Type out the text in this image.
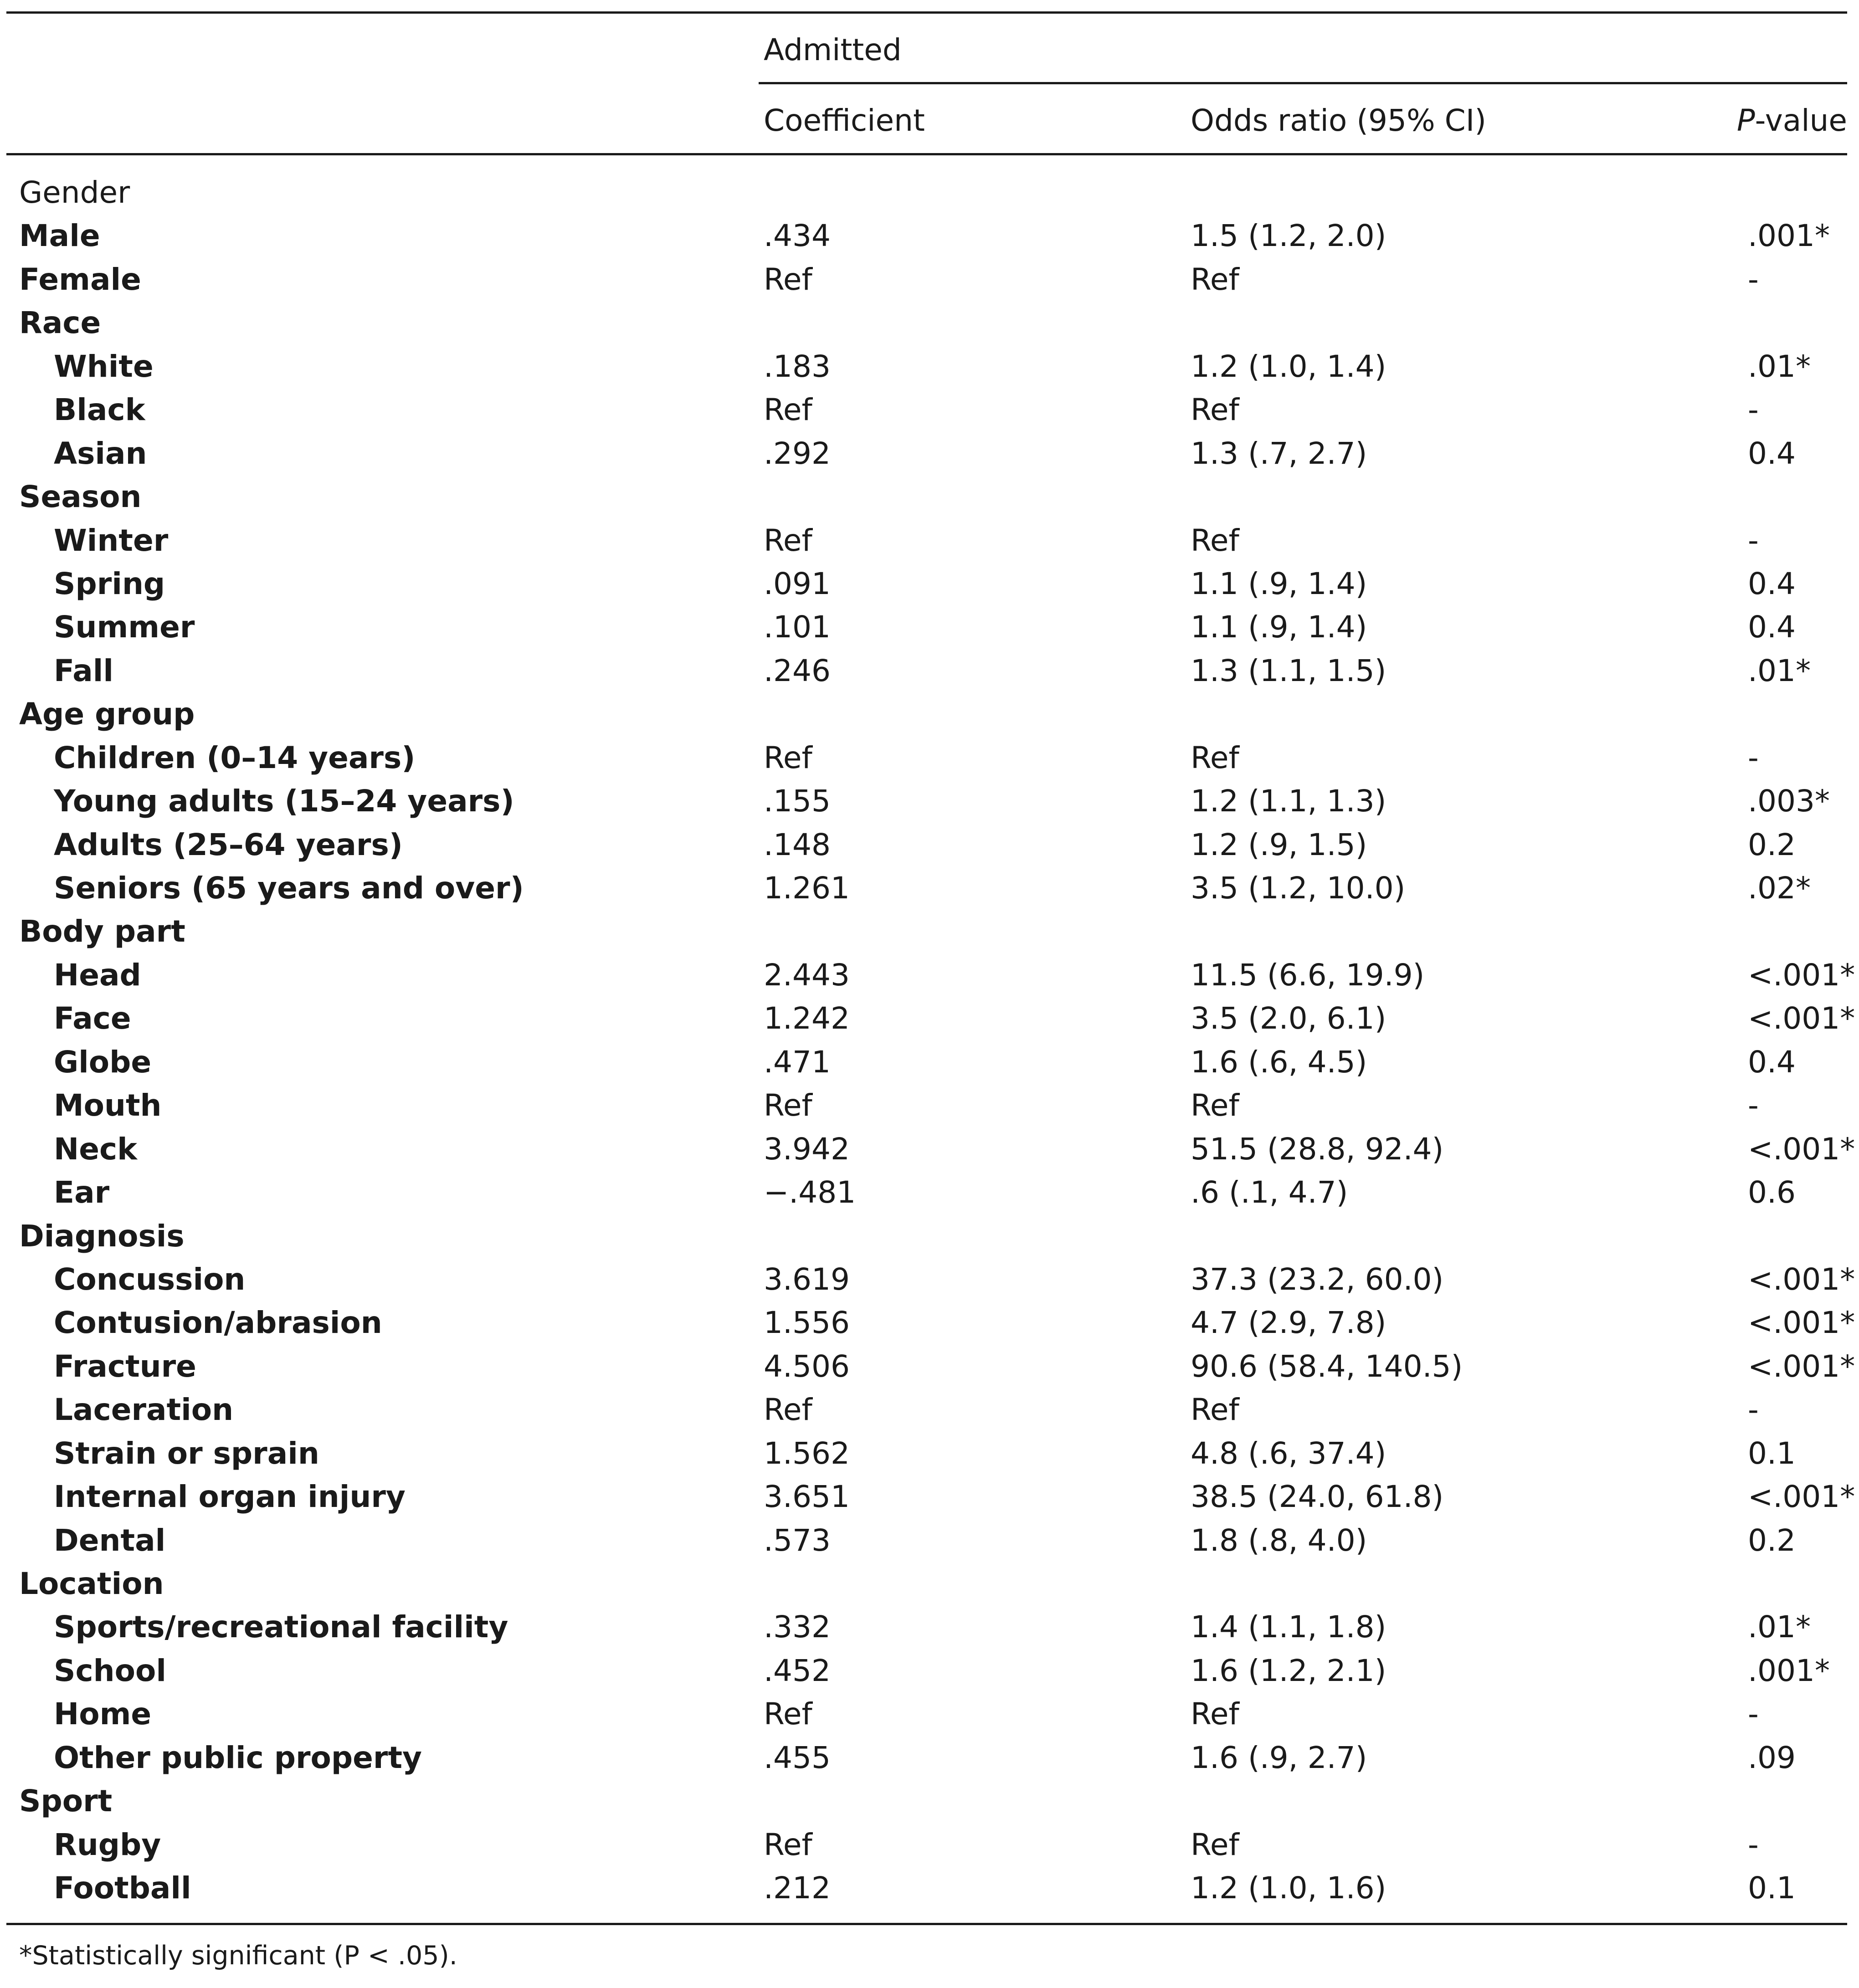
Admitted
Coefficient	Odds ratio (95% CI)	P-value
Gender
Male	.434	1.5 (1.2, 2.0)	.001*
Female	Ref	Ref	-
Race
White	.183	1.2 (1.0, 1.4)	.01*
Black	Ref	Ref	-
Asian	.292	1.3 (.7, 2.7)	0.4
Season
Winter	Ref	Ref	-
Spring	.091	1.1 (.9, 1.4)	0.4
Summer	.101	1.1 (.9, 1.4)	0.4
Fall	.246	1.3 (1.1, 1.5)	.01*
Age group
Children (0–14 years)	Ref	Ref	-
Young adults (15–24 years)	.155	1.2 (1.1, 1.3)	.003*
Adults (25–64 years)	.148	1.2 (.9, 1.5)	0.2
Seniors (65 years and over)	1.261	3.5 (1.2, 10.0)	.02*
Body part
Head	2.443	11.5 (6.6, 19.9)	<.001*
Face	1.242	3.5 (2.0, 6.1)	<.001*
Globe	.471	1.6 (.6, 4.5)	0.4
Mouth	Ref	Ref	-
Neck	3.942	51.5 (28.8, 92.4)	<.001*
Ear	−.481	.6 (.1, 4.7)	0.6
Diagnosis
Concussion	3.619	37.3 (23.2, 60.0)	<.001*
Contusion/abrasion	1.556	4.7 (2.9, 7.8)	<.001*
Fracture	4.506	90.6 (58.4, 140.5)	<.001*
Laceration	Ref	Ref	-
Strain or sprain	1.562	4.8 (.6, 37.4)	0.1
Internal organ injury	3.651	38.5 (24.0, 61.8)	<.001*
Dental	.573	1.8 (.8, 4.0)	0.2
Location
Sports/recreational facility	.332	1.4 (1.1, 1.8)	.01*
School	.452	1.6 (1.2, 2.1)	.001*
Home	Ref	Ref	-
Other public property	.455	1.6 (.9, 2.7)	.09
Sport
Rugby	Ref	Ref	-
Football	.212	1.2 (1.0, 1.6)	0.1
*Statistically significant (P < .05).
